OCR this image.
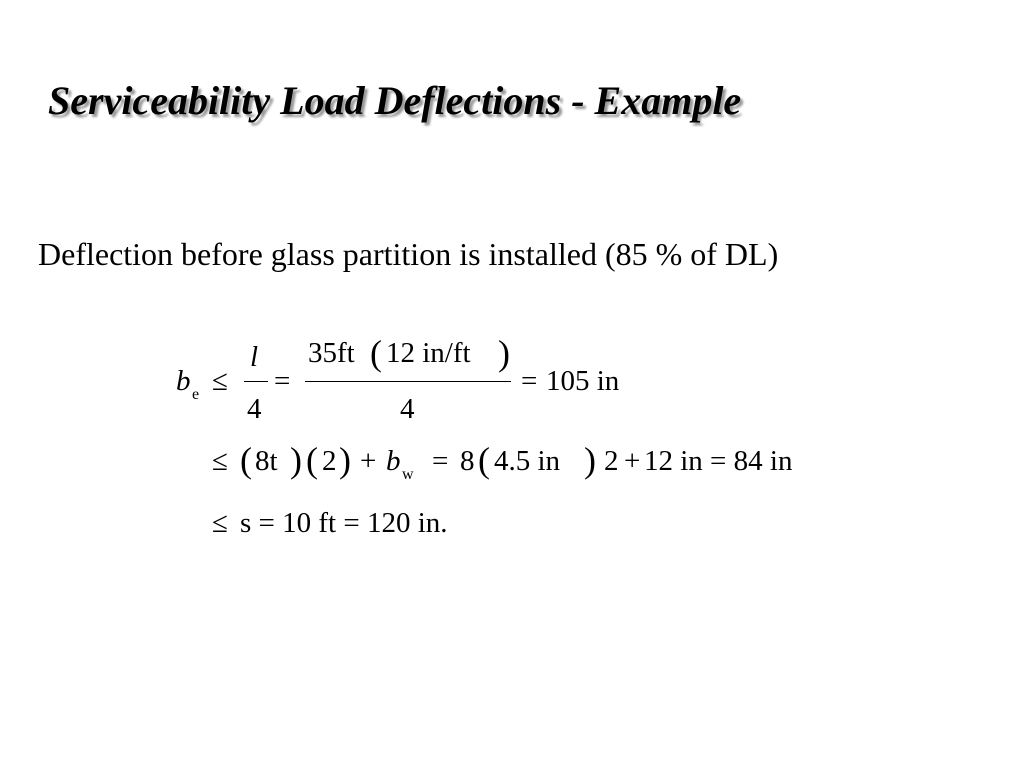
Serviceability Load Deflections - Example
Deflection before glass partition is installed (85 % of DL)
b e ≤
l
4
=
35ft ( 12 in/ft )
4
= 105 in
≤ ( 8t ) ( 2 ) + b w = 8 ( 4.5 in ) 2 + 12 in = 84 in
≤ s = 10 ft = 120 in.
